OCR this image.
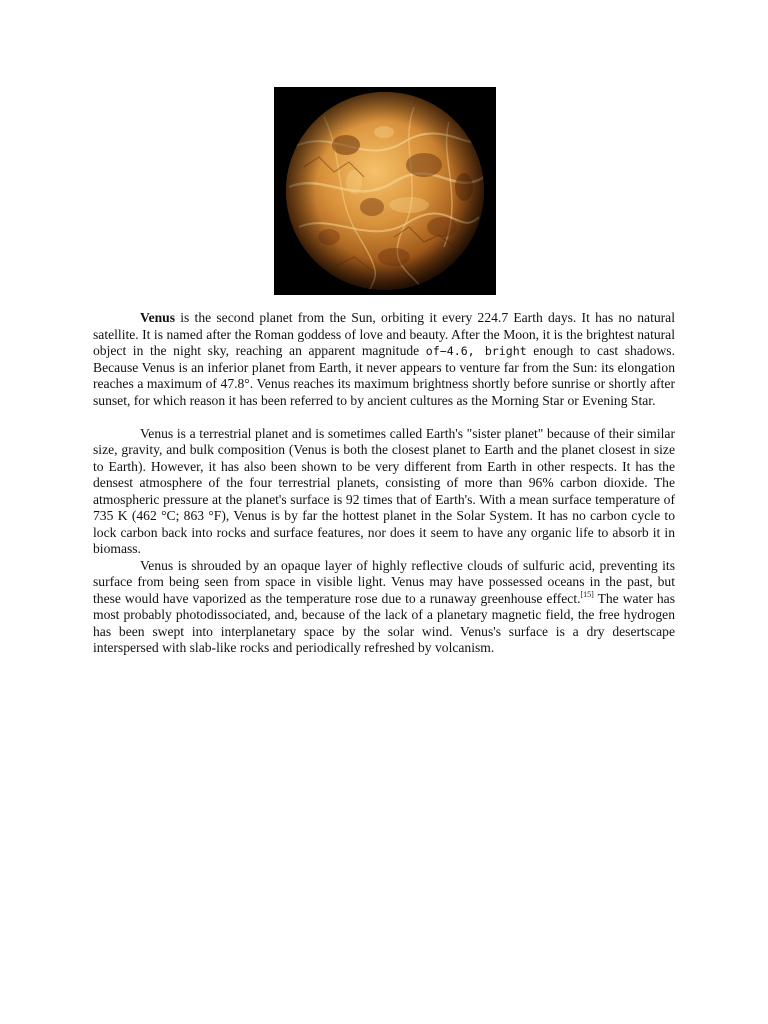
Venus is the second planet from the Sun, orbiting it every 224.7 Earth days. It has no natural satellite. It is named after the Roman goddess of love and beauty. After the Moon, it is the brightest natural object in the night sky, reaching an apparent magnitude of−4.6, bright enough to cast shadows. Because Venus is an inferior planet from Earth, it never appears to venture far from the Sun: its elongation reaches a maximum of 47.8°. Venus reaches its maximum brightness shortly before sunrise or shortly after sunset, for which reason it has been referred to by ancient cultures as the Morning Star or Evening Star.

Venus is a terrestrial planet and is sometimes called Earth's "sister planet" because of their similar size, gravity, and bulk composition (Venus is both the closest planet to Earth and the planet closest in size to Earth). However, it has also been shown to be very different from Earth in other respects. It has the densest atmosphere of the four terrestrial planets, consisting of more than 96% carbon dioxide. The atmospheric pressure at the planet's surface is 92 times that of Earth's. With a mean surface temperature of 735 K (462 °C; 863 °F), Venus is by far the hottest planet in the Solar System. It has no carbon cycle to lock carbon back into rocks and surface features, nor does it seem to have any organic life to absorb it in biomass.

Venus is shrouded by an opaque layer of highly reflective clouds of sulfuric acid, preventing its surface from being seen from space in visible light. Venus may have possessed oceans in the past, but these would have vaporized as the temperature rose due to a runaway greenhouse effect.[15] The water has most probably photodissociated, and, because of the lack of a planetary magnetic field, the free hydrogen has been swept into interplanetary space by the solar wind. Venus's surface is a dry desertscape interspersed with slab-like rocks and periodically refreshed by volcanism.
